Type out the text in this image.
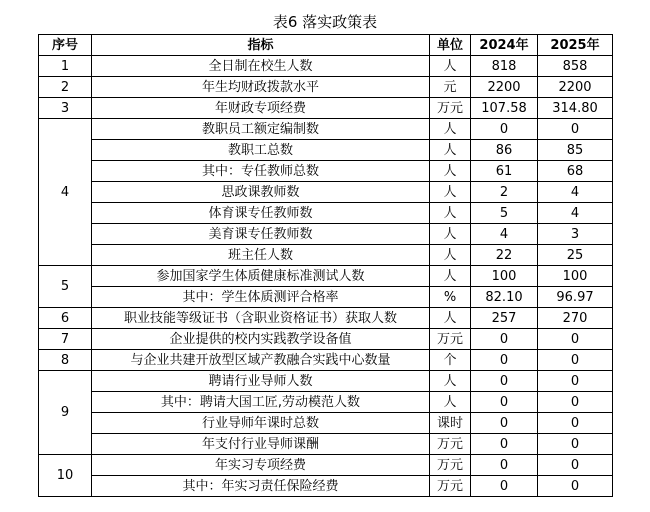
表6 落实政策表
序号	指标	单位	2024年	2025年
1	全日制在校生人数	人	818	858
2	年生均财政拨款水平	元	2200	2200
3	年财政专项经费	万元	107.58	314.80
4	教职员工额定编制数	人	0	0
	教职工总数	人	86	85
	其中：专任教师总数	人	61	68
	思政课教师数	人	2	4
	体育课专任教师数	人	5	4
	美育课专任教师数	人	4	3
	班主任人数	人	22	25
5	参加国家学生体质健康标准测试人数	人	100	100
	其中：学生体质测评合格率	%	82.10	96.97
6	职业技能等级证书（含职业资格证书）获取人数	人	257	270
7	企业提供的校内实践教学设备值	万元	0	0
8	与企业共建开放型区域产教融合实践中心数量	个	0	0
9	聘请行业导师人数	人	0	0
	其中：聘请大国工匠,劳动模范人数	人	0	0
	行业导师年课时总数	课时	0	0
	年支付行业导师课酬	万元	0	0
10	年实习专项经费	万元	0	0
	其中：年实习责任保险经费	万元	0	0
